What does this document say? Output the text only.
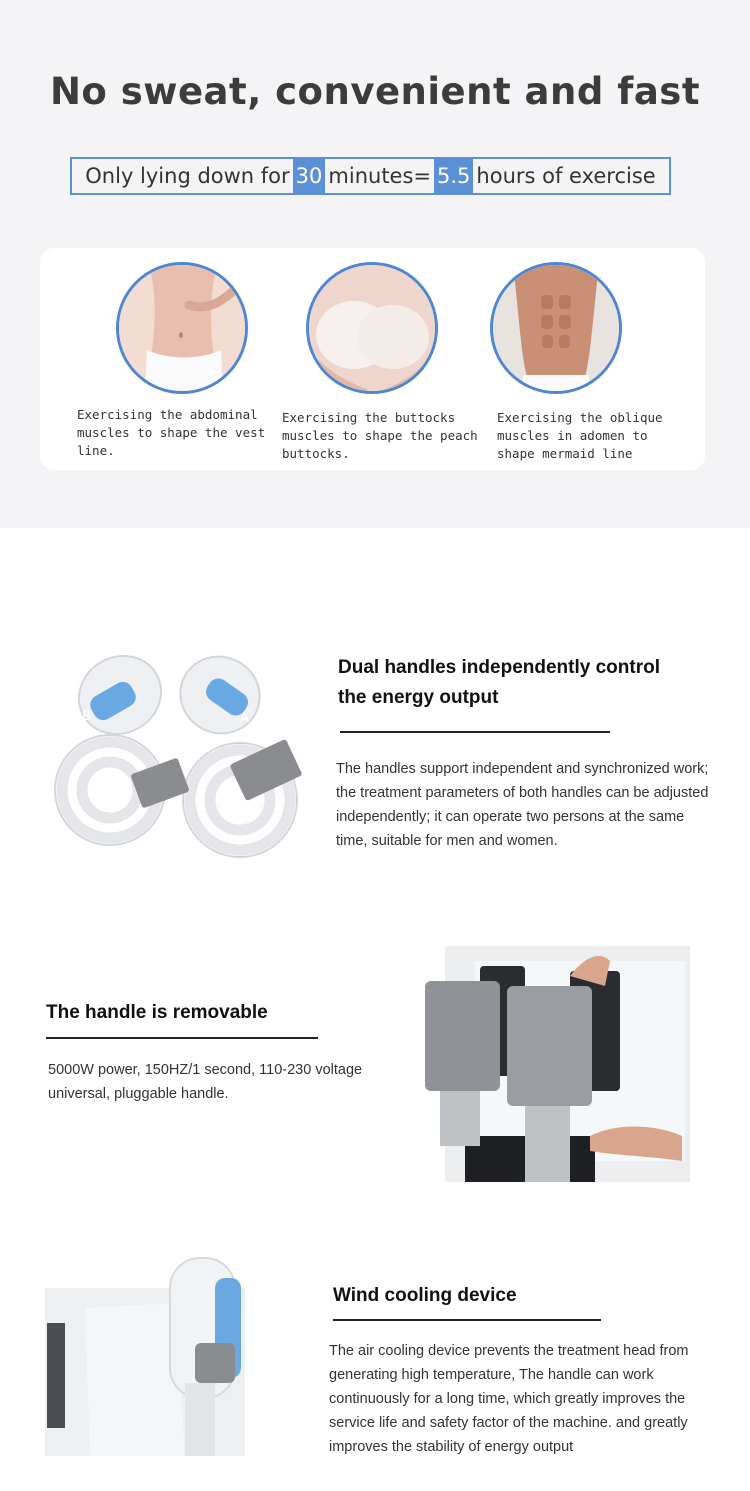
No sweat, convenient and fast
Only lying down for 30 minutes= 5.5 hours of exercise
Exercising the abdominal muscles to shape the vest line.
Exercising the buttocks muscles to shape the peach buttocks.
Exercising the oblique muscles in adomen to shape mermaid line
B	A
Dual handles independently control
the energy output
The handles support independent and synchronized work; the treatment parameters of both handles can be adjusted independently; it can operate two persons at the same time, suitable for men and women.
The handle is removable
5000W power, 150HZ/1 second, 110-230 voltage universal, pluggable handle.
Wind cooling device
The air cooling device prevents the treatment head from generating high temperature, The handle can work continuously for a long time, which greatly improves the service life and safety factor of the machine. and greatly improves the stability of energy output
